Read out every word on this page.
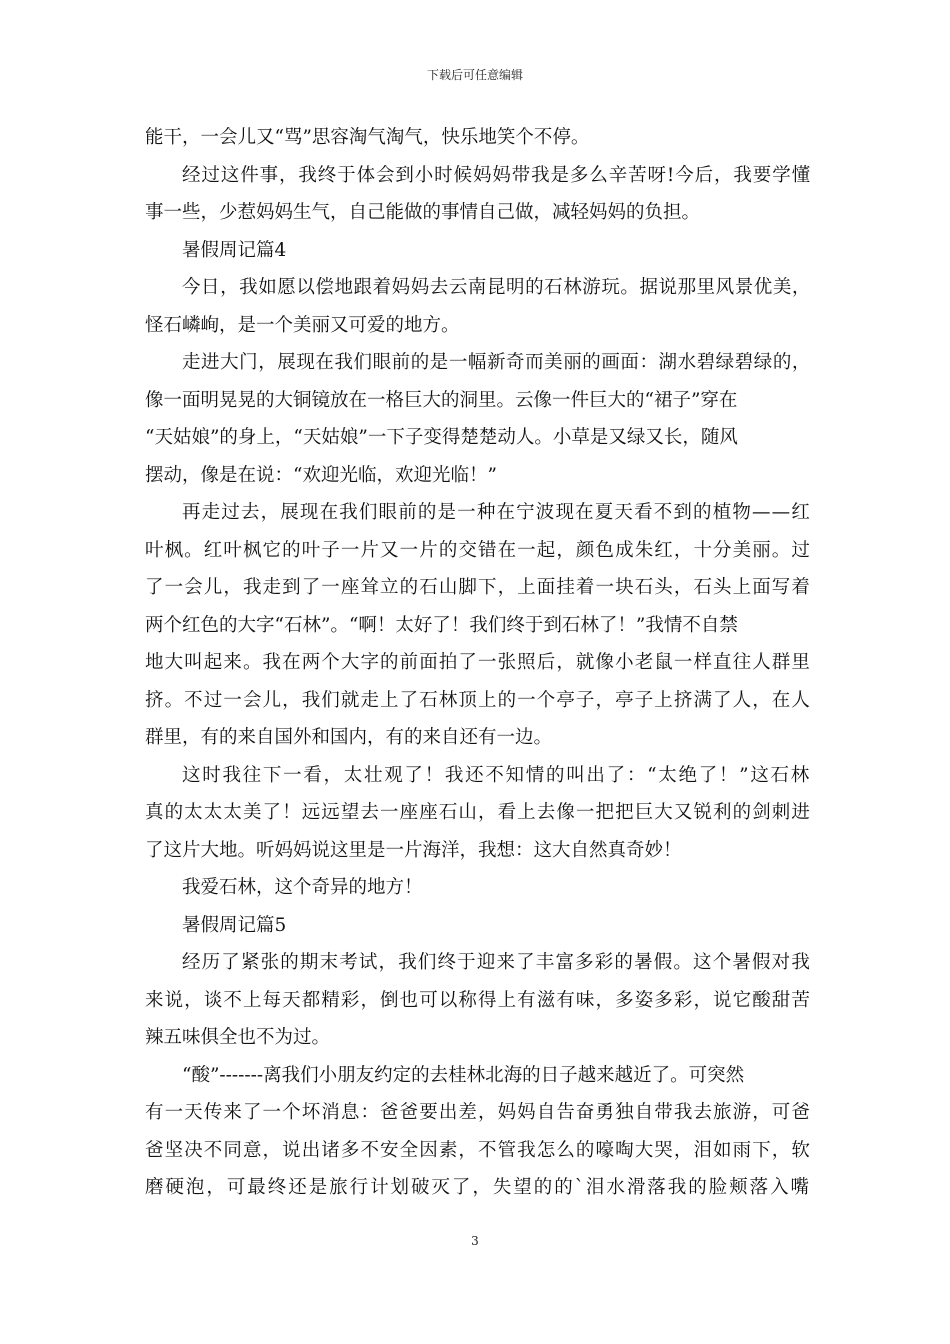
下载后可任意编辑
能干，一会儿又“骂”思容淘气淘气，快乐地笑个不停。
经过这件事，我终于体会到小时候妈妈带我是多么辛苦呀!今后，我要学懂
事一些，少惹妈妈生气，自己能做的事情自己做，减轻妈妈的负担。
暑假周记篇4
今日，我如愿以偿地跟着妈妈去云南昆明的石林游玩。据说那里风景优美，
怪石嶙峋，是一个美丽又可爱的地方。
走进大门，展现在我们眼前的是一幅新奇而美丽的画面：湖水碧绿碧绿的，
像一面明晃晃的大铜镜放在一格巨大的洞里。云像一件巨大的“裙子”穿在
“天姑娘”的身上，“天姑娘”一下子变得楚楚动人。小草是又绿又长，随风
摆动，像是在说：“欢迎光临，欢迎光临！”
再走过去，展现在我们眼前的是一种在宁波现在夏天看不到的植物——红
叶枫。红叶枫它的叶子一片又一片的交错在一起，颜色成朱红，十分美丽。过
了一会儿，我走到了一座耸立的石山脚下，上面挂着一块石头，石头上面写着
两个红色的大字“石林”。“啊！太好了！我们终于到石林了！”我情不自禁
地大叫起来。我在两个大字的前面拍了一张照后，就像小老鼠一样直往人群里
挤。不过一会儿，我们就走上了石林顶上的一个亭子，亭子上挤满了人，在人
群里，有的来自国外和国内，有的来自还有一边。
这时我往下一看，太壮观了！我还不知情的叫出了：“太绝了！”这石林
真的太太太美了！远远望去一座座石山，看上去像一把把巨大又锐利的剑刺进
了这片大地。听妈妈说这里是一片海洋，我想：这大自然真奇妙！
我爱石林，这个奇异的地方！
暑假周记篇5
经历了紧张的期末考试，我们终于迎来了丰富多彩的暑假。这个暑假对我
来说，谈不上每天都精彩，倒也可以称得上有滋有味，多姿多彩，说它酸甜苦
辣五味俱全也不为过。
“酸”-------离我们小朋友约定的去桂林北海的日子越来越近了。可突然
有一天传来了一个坏消息：爸爸要出差，妈妈自告奋勇独自带我去旅游，可爸
爸坚决不同意，说出诸多不安全因素，不管我怎么的嚎啕大哭，泪如雨下，软
磨硬泡，可最终还是旅行计划破灭了，失望的的`泪水滑落我的脸颊落入嘴
3
